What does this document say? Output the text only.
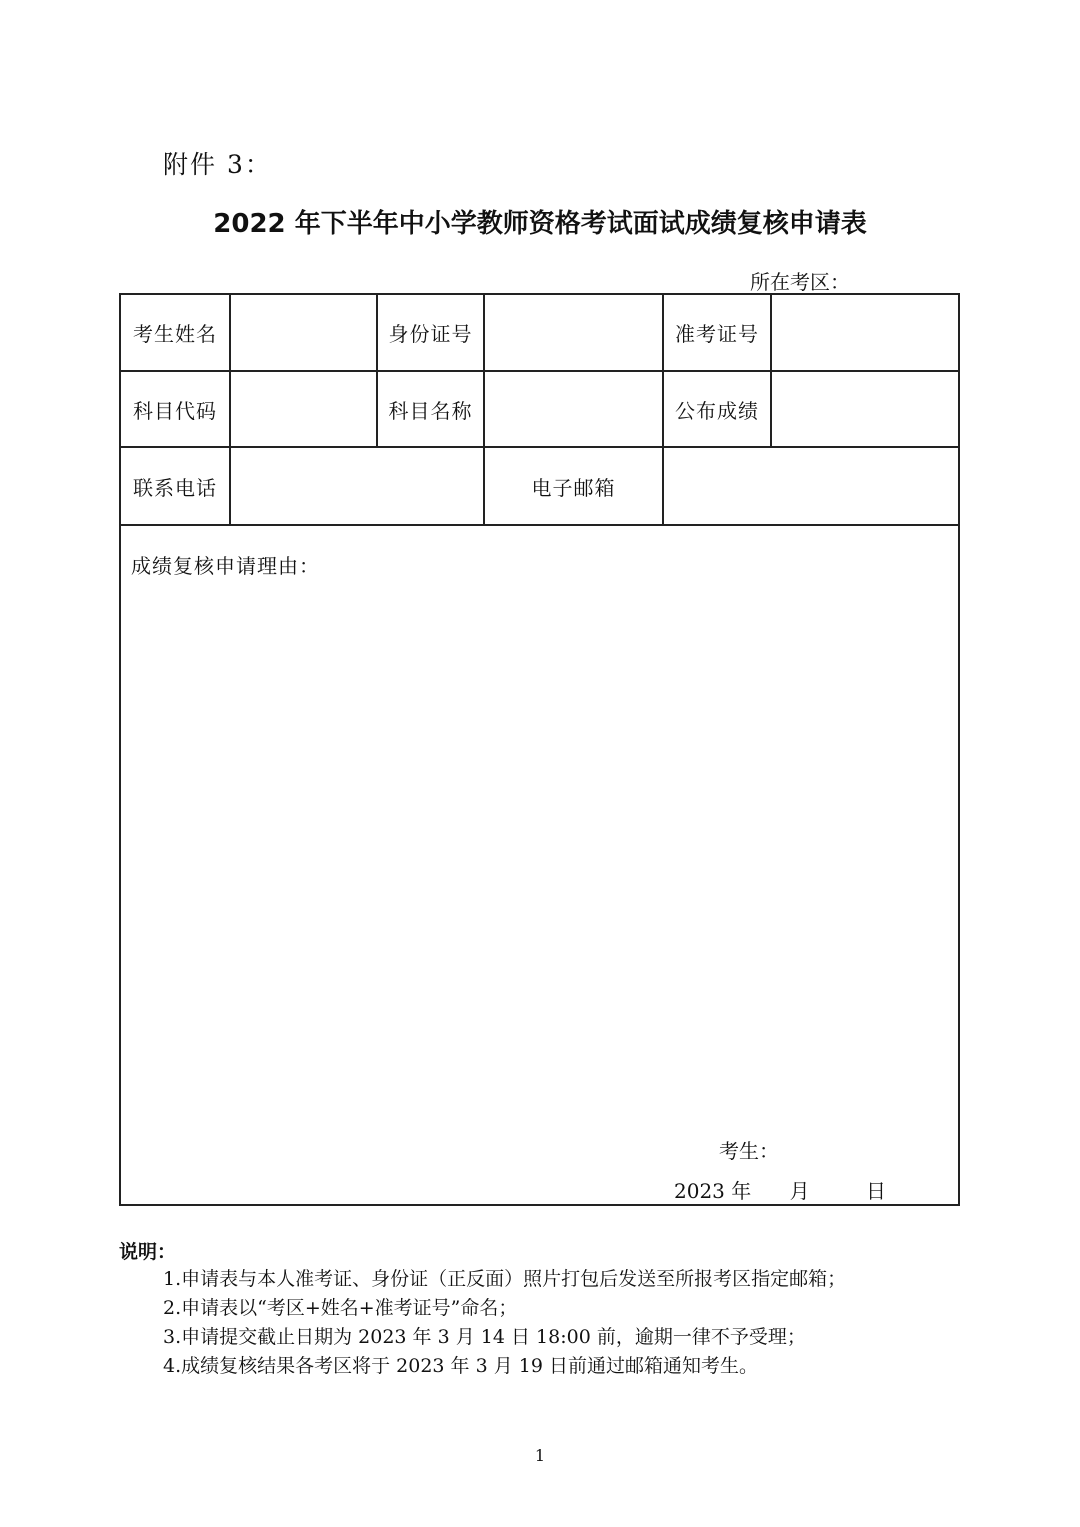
附件 3：
2022 年下半年中小学教师资格考试面试成绩复核申请表
所在考区：
考生姓名	身份证号	准考证号
科目代码	科目名称	公布成绩
联系电话	电子邮箱
成绩复核申请理由：
考生：
2023 年 月	日
说明：
1.申请表与本人准考证、身份证（正反面）照片打包后发送至所报考区指定邮箱；
2.申请表以“考区+姓名+准考证号”命名；
3.申请提交截止日期为 2023 年 3 月 14 日 18:00 前，逾期一律不予受理；
4.成绩复核结果各考区将于 2023 年 3 月 19 日前通过邮箱通知考生。
1
